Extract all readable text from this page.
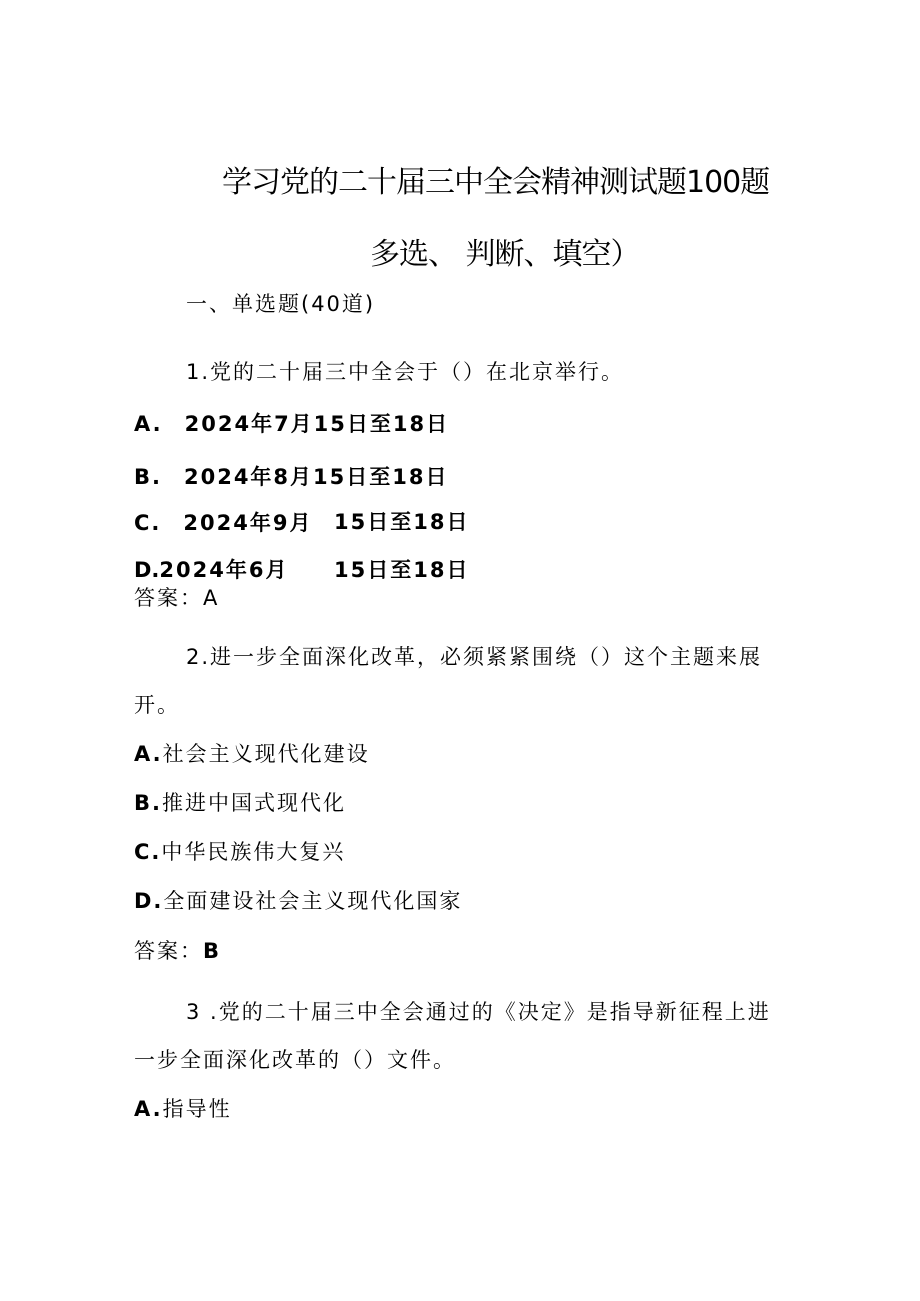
学习党的二十届三中全会精神测试题100题

多选、 判断、填空）

一、单选题(40道)

1.党的二十届三中全会于（）在北京举行。

A. 2024年7月15日至18日

B. 2024年8月15日至18日

C. 2024年9月 15日至18日

D.2024年6月 15日至18日

答案：A

2.进一步全面深化改革，必须紧紧围绕（）这个主题来展

开。

A.社会主义现代化建设

B.推进中国式现代化

C.中华民族伟大复兴

D.全面建设社会主义现代化国家

答案：B

3 .党的二十届三中全会通过的《决定》是指导新征程上进

一步全面深化改革的（）文件。

A.指导性
